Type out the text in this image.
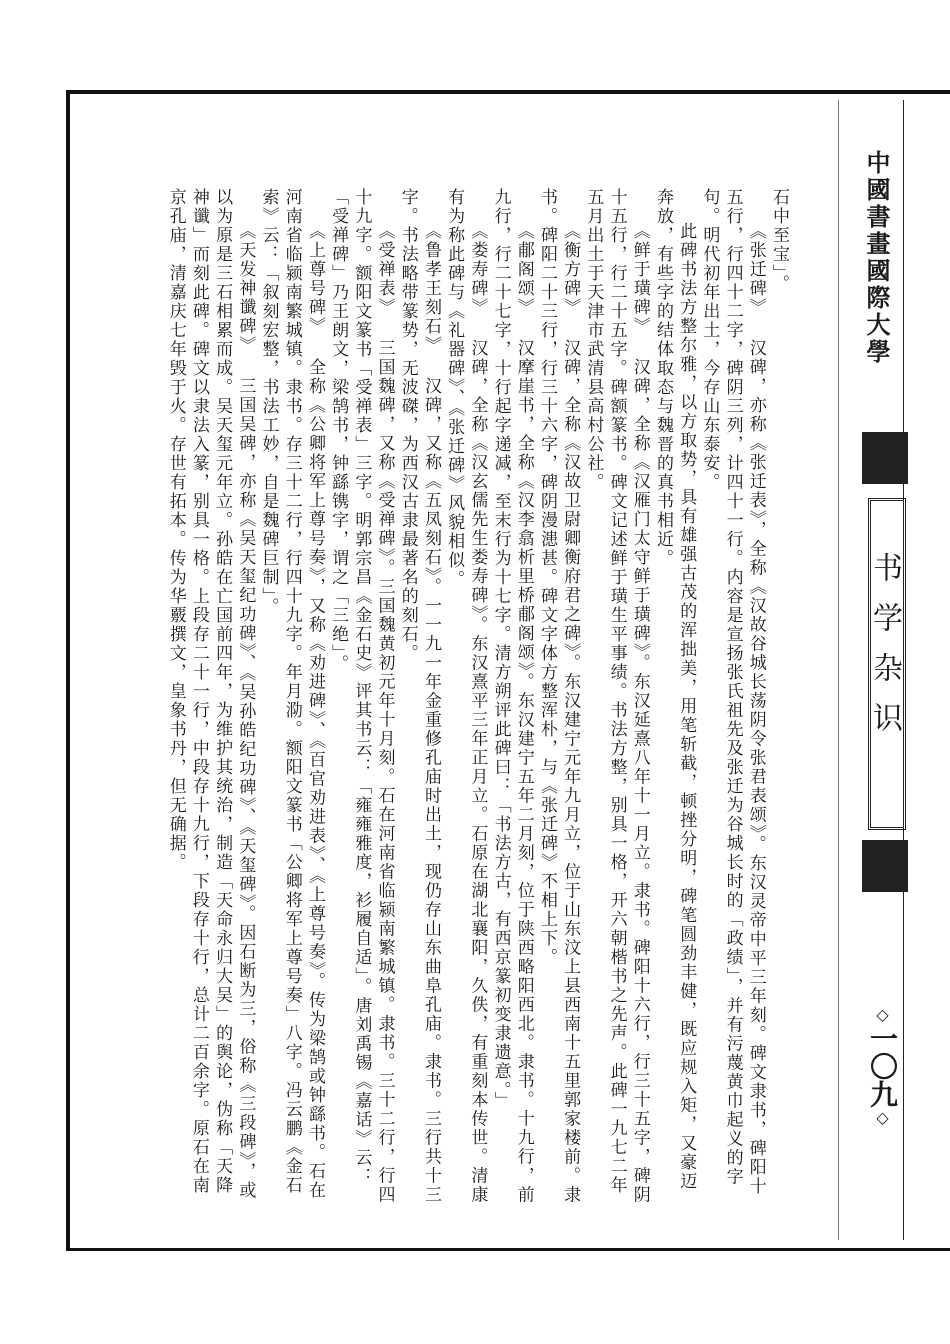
中國書畫國際大學
书学杂识
◇一〇九◇

石中至宝」。

《张迁碑》 汉碑，亦称《张迁表》，全称《汉故谷城长荡阴令张君表颂》。东汉灵帝中平三年刻。碑文隶书，碑阳十五行，行四十二字，碑阴三列，计四十一行。内容是宣扬张氏祖先及张迁为谷城长时的「政绩」，并有污蔑黄巾起义的字句。明代初年出土，今存山东泰安。

此碑书法方整尔雅，以方取势，具有雄强古茂的浑拙美，用笔斩截，顿挫分明，碑笔圆劲丰健，既应规入矩，又豪迈奔放，有些字的结体取态与魏晋的真书相近。

《鲜于璜碑》 汉碑，全称《汉雁门太守鲜于璜碑》。东汉延熹八年十一月立。隶书。碑阳十六行，行三十五字，碑阴十五行，行二十五字。碑额篆书。碑文记述鲜于璜生平事绩。书法方整，别具一格，开六朝楷书之先声。此碑一九七二年五月出土于天津市武清县高村公社。

《衡方碑》 汉碑，全称《汉故卫尉卿衡府君之碑》。东汉建宁元年九月立，位于山东汶上县西南十五里郭家楼前。隶书。碑阳二十三行，行三十六字，碑阴漫漶甚。碑文字体方整浑朴，与《张迁碑》不相上下。

《郙阁颂》 汉摩崖书，全称《汉李翕析里桥郙阁颂》。东汉建宁五年二月刻，位于陕西略阳西北。隶书。十九行，前九行，行二十七字，十行起字递减，至末行为十七字。清方朔评此碑曰：「书法方古，有西京篆初变隶遗意。」

《娄寿碑》 汉碑，全称《汉玄儒先生娄寿碑》。东汉熹平三年正月立。石原在湖北襄阳，久佚，有重刻本传世。清康有为称此碑与《礼器碑》、《张迁碑》风貌相似。

《鲁孝王刻石》 汉碑，又称《五凤刻石》。一一九一年金重修孔庙时出土，现仍存山东曲阜孔庙。隶书。三行共十三字。书法略带篆势，无波磔，为西汉古隶最著名的刻石。

《受禅表》 三国魏碑，又称《受禅碑》。三国魏黄初元年十月刻。石在河南省临颍南繁城镇。隶书。三十二行，行四十九字。额阳文篆书「受禅表」三字。明郭宗昌《金石史》评其书云：「雍雍雅度，衫履自适」。唐刘禹锡《嘉话》云：「受禅碑」乃王朗文，梁鹄书，钟繇镌字，谓之「三绝」。

《上尊号碑》 全称《公卿将军上尊号奏》，又称《劝进碑》、《百官劝进表》、《上尊号奏》。传为梁鹄或钟繇书。石在河南省临颍南繁城镇。隶书。存三十二行，行四十九字。年月泐。额阳文篆书「公卿将军上尊号奏」八字。冯云鹏《金石索》云：「叙刻宏整，书法工妙，自是魏碑巨制」。

《天发神谶碑》 三国吴碑，亦称《吴天玺纪功碑》、《吴孙皓纪功碑》、《天玺碑》。因石断为三，俗称《三段碑》，或以为原是三石相累而成。吴天玺元年立。孙皓在亡国前四年，为维护其统治，制造「天命永归大吴」的舆论，伪称「天降神谶」而刻此碑。碑文以隶法入篆，别具一格。上段存二十一行，中段存十九行，下段存十行，总计二百余字。原石在南京孔庙，清嘉庆七年毁于火。存世有拓本。传为华覈撰文，皇象书丹，但无确据。
